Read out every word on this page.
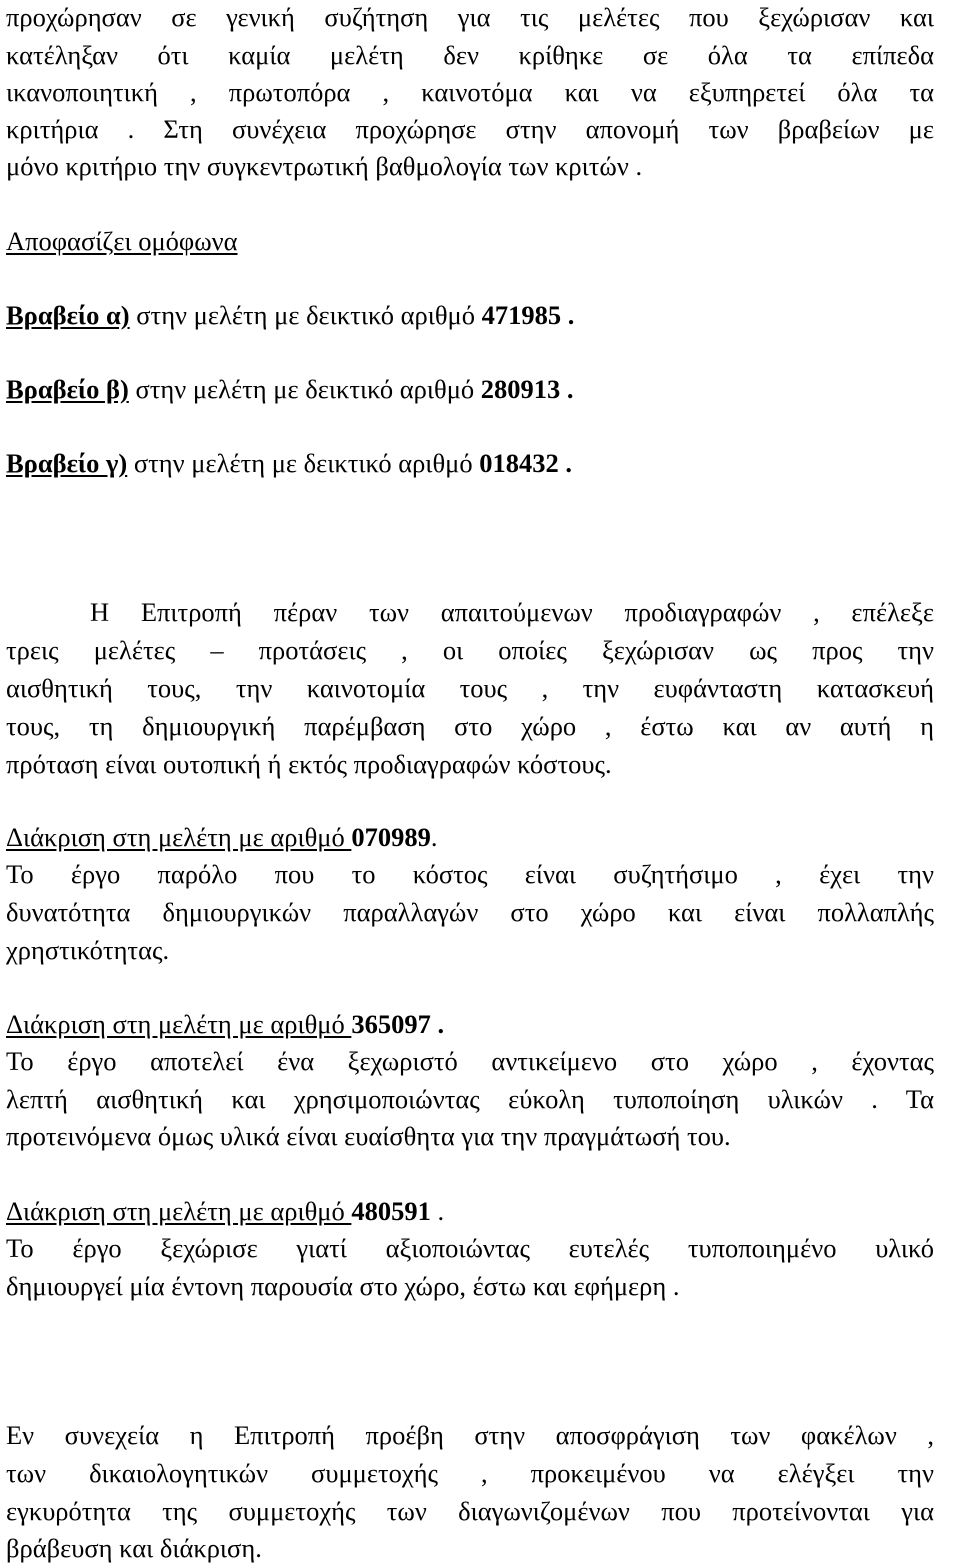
προχώρησαν σε γενική συζήτηση για τις μελέτες που ξεχώρισαν και
κατέληξαν ότι καμία μελέτη δεν κρίθηκε σε όλα τα επίπεδα
ικανοποιητική , πρωτοπόρα , καινοτόμα και να εξυπηρετεί όλα τα
κριτήρια . Στη συνέχεια προχώρησε στην απονομή των βραβείων με
μόνο κριτήριο την συγκεντρωτική βαθμολογία των κριτών .
Αποφασίζει ομόφωνα
Βραβείο α) στην μελέτη με δεικτικό αριθμό 471985 .
Βραβείο β) στην μελέτη με δεικτικό αριθμό 280913 .
Βραβείο γ) στην μελέτη με δεικτικό αριθμό 018432 .
Η Επιτροπή πέραν των απαιτούμενων προδιαγραφών , επέλεξε
τρεις μελέτες – προτάσεις , οι οποίες ξεχώρισαν ως προς την
αισθητική τους, την καινοτομία τους , την ευφάνταστη κατασκευή
τους, τη δημιουργική παρέμβαση στο χώρο , έστω και αν αυτή η
πρόταση είναι ουτοπική ή εκτός προδιαγραφών κόστους.
Διάκριση στη μελέτη με αριθμό 070989.
Το έργο παρόλο που το κόστος είναι συζητήσιμο , έχει την
δυνατότητα δημιουργικών παραλλαγών στο χώρο και είναι πολλαπλής
χρηστικότητας.
Διάκριση στη μελέτη με αριθμό 365097 .
Το έργο αποτελεί ένα ξεχωριστό αντικείμενο στο χώρο , έχοντας
λεπτή αισθητική και χρησιμοποιώντας εύκολη τυποποίηση υλικών . Τα
προτεινόμενα όμως υλικά είναι ευαίσθητα για την πραγμάτωσή του.
Διάκριση στη μελέτη με αριθμό 480591 .
Το έργο ξεχώρισε γιατί αξιοποιώντας ευτελές τυποποιημένο υλικό
δημιουργεί μία έντονη παρουσία στο χώρο, έστω και εφήμερη .
Εν συνεχεία η Επιτροπή προέβη στην αποσφράγιση των φακέλων ,
των δικαιολογητικών συμμετοχής , προκειμένου να ελέγξει την
εγκυρότητα της συμμετοχής των διαγωνιζομένων που προτείνονται για
βράβευση και διάκριση.
